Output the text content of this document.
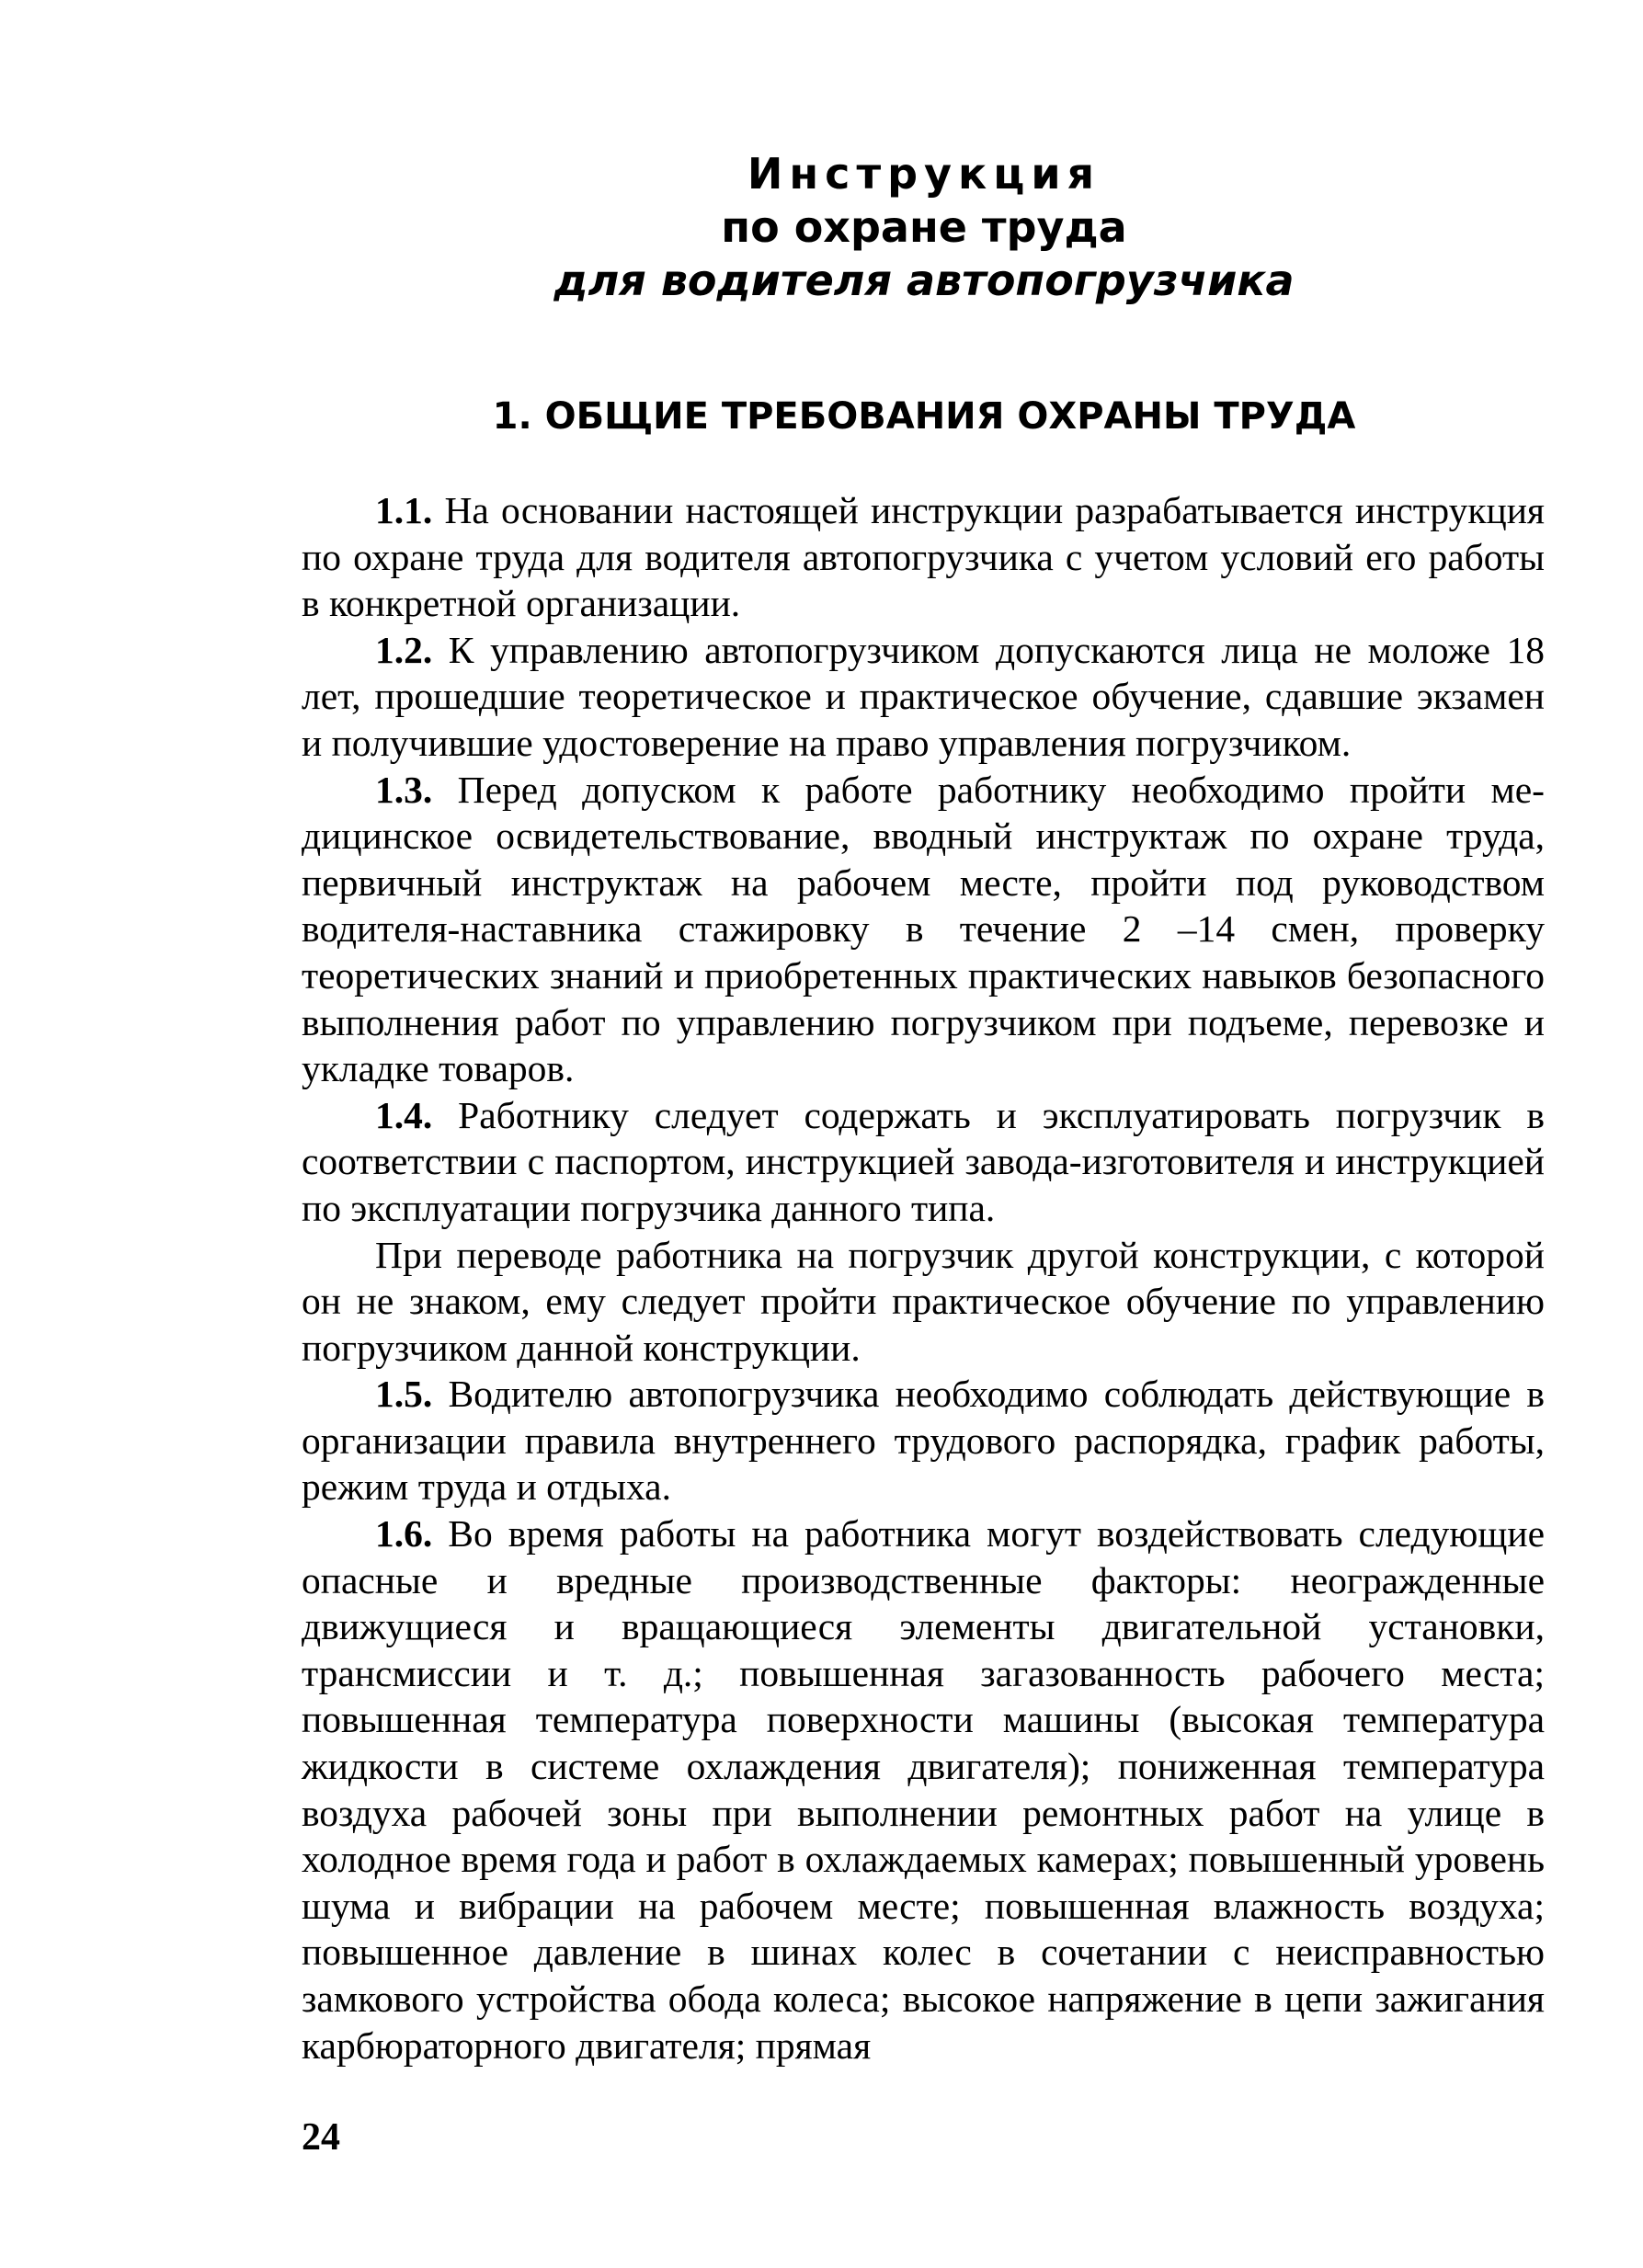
Инструкция
по охране труда
для водителя автопогрузчика
1. ОБЩИЕ ТРЕБОВАНИЯ ОХРАНЫ ТРУДА

1.1. На основании настоящей инструкции разрабатывается инструкция по охране труда для водителя автопогрузчика с учетом условий его работы в конкретной организации.

1.2. К управлению автопогрузчиком допускаются лица не моложе 18 лет, прошедшие теоретическое и практическое обучение, сдавшие экзамен и получившие удостоверение на право управления погрузчиком.

1.3. Перед допуском к работе работнику необходимо пройти медицинское освидетельствование, вводный инструктаж по охране труда, первичный инструктаж на рабочем месте, пройти под руководством водителя-наставника стажировку в течение 2 –14 смен, проверку теоретических знаний и приобретенных практических навыков безопасного выполнения работ по управлению погрузчиком при подъеме, перевозке и укладке товаров.

1.4. Работнику следует содержать и эксплуатировать погрузчик в соответствии с паспортом, инструкцией завода-изготовителя и инструкцией по эксплуатации погрузчика данного типа.

При переводе работника на погрузчик другой конструкции, с которой он не знаком, ему следует пройти практическое обучение по управлению погрузчиком данной конструкции.

1.5. Водителю автопогрузчика необходимо соблюдать действующие в организации правила внутреннего трудового распорядка, график работы, режим труда и отдыха.

1.6. Во время работы на работника могут воздействовать следующие опасные и вредные производственные факторы: неогражденные движущиеся и вращающиеся элементы двигательной установки, трансмиссии и т. д.; повышенная загазованность рабочего места; повышенная температура поверхности машины (высокая температура жидкости в системе охлаждения двигателя); пониженная температура воздуха рабочей зоны при выполнении ремонтных работ на улице в холодное время года и работ в охлаждаемых камерах; повышенный уровень шума и вибрации на рабочем месте; повышенная влажность воздуха; повышенное давление в шинах колес в сочетании с неисправностью замкового устройства обода колеса; высокое напряжение в цепи зажигания карбюраторного двигателя; прямая

24
